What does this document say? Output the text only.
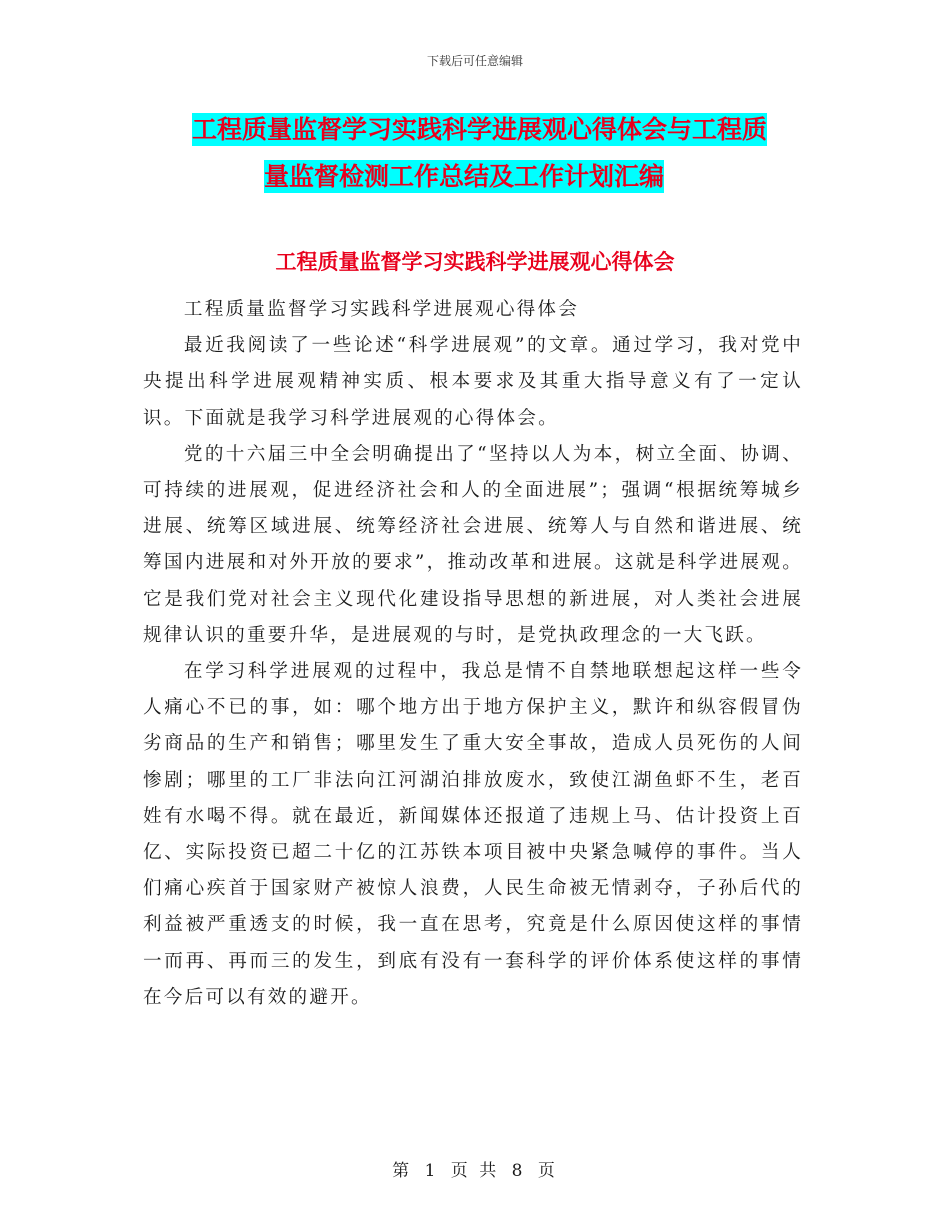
下载后可任意编辑
工程质量监督学习实践科学进展观心得体会与工程质
量监督检测工作总结及工作计划汇编
工程质量监督学习实践科学进展观心得体会

工程质量监督学习实践科学进展观心得体会

最近我阅读了一些论述“科学进展观”的文章。通过学习，我对党中央提出科学进展观精神实质、根本要求及其重大指导意义有了一定认识。下面就是我学习科学进展观的心得体会。

党的十六届三中全会明确提出了“坚持以人为本，树立全面、协调、可持续的进展观，促进经济社会和人的全面进展”；强调“根据统筹城乡进展、统筹区域进展、统筹经济社会进展、统筹人与自然和谐进展、统筹国内进展和对外开放的要求”，推动改革和进展。这就是科学进展观。它是我们党对社会主义现代化建设指导思想的新进展，对人类社会进展规律认识的重要升华，是进展观的与时，是党执政理念的一大飞跃。

在学习科学进展观的过程中，我总是情不自禁地联想起这样一些令人痛心不已的事，如：哪个地方出于地方保护主义，默许和纵容假冒伪劣商品的生产和销售；哪里发生了重大安全事故，造成人员死伤的人间惨剧；哪里的工厂非法向江河湖泊排放废水，致使江湖鱼虾不生，老百姓有水喝不得。就在最近，新闻媒体还报道了违规上马、估计投资上百亿、实际投资已超二十亿的江苏铁本项目被中央紧急喊停的事件。当人们痛心疾首于国家财产被惊人浪费，人民生命被无情剥夺，子孙后代的利益被严重透支的时候，我一直在思考，究竟是什么原因使这样的事情一而再、再而三的发生，到底有没有一套科学的评价体系使这样的事情在今后可以有效的避开。

第 1 页 共 8 页
